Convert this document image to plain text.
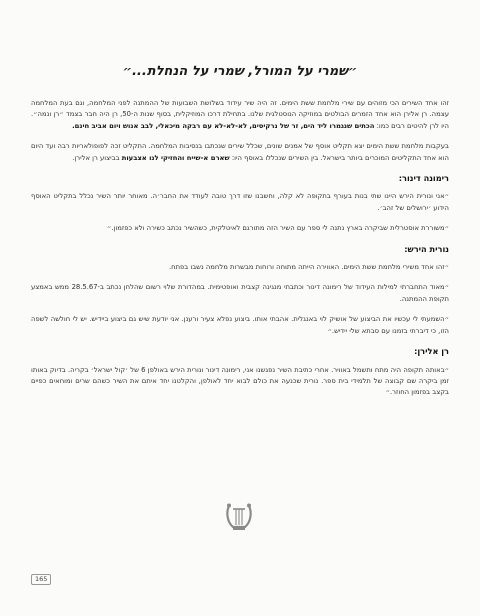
״שמרי על המורל, שמרי על הנחלת...״

זהו אחד השירים הכי מזוהים עם שירי מלחמת ששת הימים. זה היה שיר עידוד בשלושת השבועות של ההמתנה לפני המלחמה, וגם בעת המלחמה עצמה. רן אלירן הוא אחד הזמרים הבולטים במוזיקה הנוסטלגית שלנו. בתחילת דרכו המוזיקלית, בסוף שנות ה-50, רן היה חבר בצמד ״רן ונמה״. היו לרן להיטים רבים כמו: הכתים שנגמרו ליד הים, זר של נרקיסים, לא-לא-לא עם רבקה מיכאלי, לבב אנוש ויום אביב חינם.

בעקבות מלחמת ששת הימים יצא תקליט אוסף של אמנים שונים, שכלל שירים שנכתבו בנסיבות המלחמה. התקליט זכה לפופולאריות רבה ועד היום הוא אחד התקליטים המוכרים ביותר בישראל. בין השירים שנכללו באוסף היו: שארם א-שייח והחזיקי לנו אצבעות בביצוע רן אלירן.

רימונה דינור:

״אני ונורית הירש היינו שתי בנות בעורף בתקופה לא קלה, וחשבנו שזו דרך טובה לעודד את החבר׳ה. מאוחר יותר השיר נכלל בתקליט האוסף הידוע ׳ירושלים של זהב׳.

״משוררת אוסטרלית שביקרה בארץ נתנה לי ספר עם השיר הזה מתורגם לאיטלקית, כשהשיר נכתב כשירה ולא כפזמון.״

נורית הירש:

״זהו אחד משירי מלחמת ששת הימים. האווירה הייתה מתוחה ורוחות מבשרות מלחמה נשבו בפתח.

״מאוד התחברתי למילות העידוד של רימונה דינור וכתבתי מנגינה קצבית ואופטימית. במהדורת שלוי רשום שהלחן נכתב ב-28.5.67 ממש באמצע תקופת ההמתנה.

״השמעתי לי עכשיו את הביצוע של אושיק לוי באנגלית. אהבתי אותו. ביצוע נפלא צעיר ורענן. אני יודעת שיש גם ביצוע ביידיש. יש לי חולשה לשפה הזו, כי דיברתי בזמנו עם סבתא שלי יידיש.״

רן אלירן:

״באותה תקופה היה מתח ותשמל באוויר. אחרי כתיבת השיר נפגשנו אני, רימונה דינור ונורית הירש באולפן 6 של ׳קול ישראל׳ בקריה. בדיוק באותו זמן ביקרה שם קבוצה של תלמידי בית ספר. נורית שכנעה את כולם לבוא יחד לאולפן, והקלטנו יחד איתם את השיר כשהם שרים ומוחאים כפיים בקצב בפזמון החוזר.״

165
